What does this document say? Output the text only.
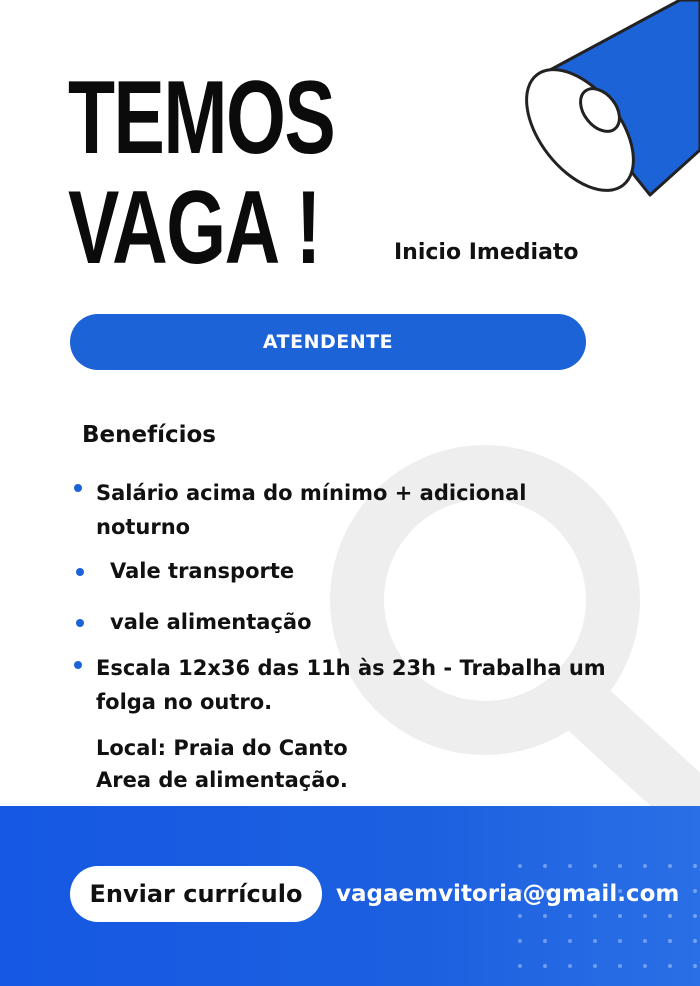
TEMOS
VAGA !	Inicio Imediato
ATENDENTE
Benefícios
Salário acima do mínimo + adicional
noturno
Vale transporte
vale alimentação
Escala 12x36 das 11h às 23h - Trabalha um
folga no outro.
Local: Praia do Canto
Area de alimentação.
Enviar currículo	vagaemvitoria@gmail.com
